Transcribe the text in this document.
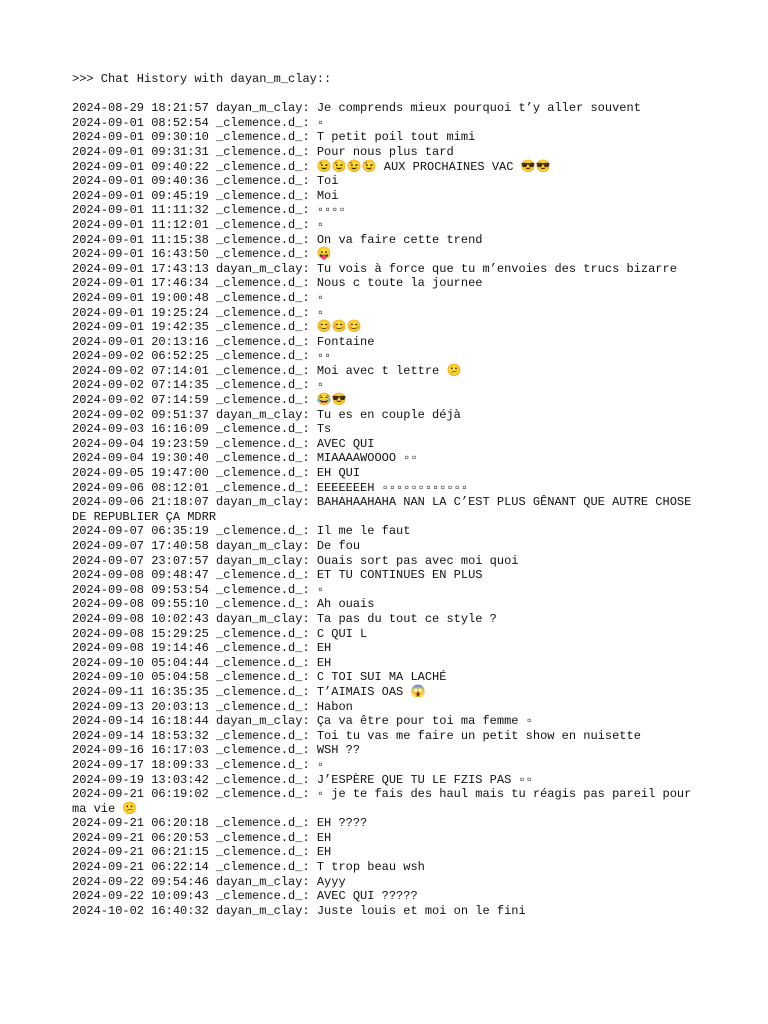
>>> Chat History with dayan_m_clay::
2024-08-29 18:21:57 dayan_m_clay: Je comprends mieux pourquoi t’y aller souvent
2024-09-01 08:52:54 _clemence.d_: ▫
2024-09-01 09:30:10 _clemence.d_: T petit poil tout mimi
2024-09-01 09:31:31 _clemence.d_: Pour nous plus tard
2024-09-01 09:40:22 _clemence.d_: 😉😉😉😉 AUX PROCHAINES VAC 😎😎
2024-09-01 09:40:36 _clemence.d_: Toi
2024-09-01 09:45:19 _clemence.d_: Moi
2024-09-01 11:11:32 _clemence.d_: ▫▫▫▫
2024-09-01 11:12:01 _clemence.d_: ▫
2024-09-01 11:15:38 _clemence.d_: On va faire cette trend
2024-09-01 16:43:50 _clemence.d_: 😛
2024-09-01 17:43:13 dayan_m_clay: Tu vois à force que tu m’envoies des trucs bizarre
2024-09-01 17:46:34 _clemence.d_: Nous c toute la journee
2024-09-01 19:00:48 _clemence.d_: ▫
2024-09-01 19:25:24 _clemence.d_: ▫
2024-09-01 19:42:35 _clemence.d_: 😊😊😊
2024-09-01 20:13:16 _clemence.d_: Fontaine
2024-09-02 06:52:25 _clemence.d_: ▫▫
2024-09-02 07:14:01 _clemence.d_: Moi avec t lettre 😕
2024-09-02 07:14:35 _clemence.d_: ▫
2024-09-02 07:14:59 _clemence.d_: 😂😎
2024-09-02 09:51:37 dayan_m_clay: Tu es en couple déjà
2024-09-03 16:16:09 _clemence.d_: Ts
2024-09-04 19:23:59 _clemence.d_: AVEC QUI
2024-09-04 19:30:40 _clemence.d_: MIAAAAWOOOO ▫▫
2024-09-05 19:47:00 _clemence.d_: EH QUI
2024-09-06 08:12:01 _clemence.d_: EEEEEEEH ▫▫▫▫▫▫▫▫▫▫▫▫
2024-09-06 21:18:07 dayan_m_clay: BAHAHAAHAHA NAN LA C’EST PLUS GÊNANT QUE AUTRE CHOSE DE REPUBLIER ÇA MDRR
2024-09-07 06:35:19 _clemence.d_: Il me le faut
2024-09-07 17:40:58 dayan_m_clay: De fou
2024-09-07 23:07:57 dayan_m_clay: Ouais sort pas avec moi quoi
2024-09-08 09:48:47 _clemence.d_: ET TU CONTINUES EN PLUS
2024-09-08 09:53:54 _clemence.d_: ▫
2024-09-08 09:55:10 _clemence.d_: Ah ouais
2024-09-08 10:02:43 dayan_m_clay: Ta pas du tout ce style ?
2024-09-08 15:29:25 _clemence.d_: C QUI L
2024-09-08 19:14:46 _clemence.d_: EH
2024-09-10 05:04:44 _clemence.d_: EH
2024-09-10 05:04:58 _clemence.d_: C TOI SUI MA LACHÉ
2024-09-11 16:35:35 _clemence.d_: T’AIMAIS OAS 😱
2024-09-13 20:03:13 _clemence.d_: Habon
2024-09-14 16:18:44 dayan_m_clay: Ça va être pour toi ma femme ▫
2024-09-14 18:53:32 _clemence.d_: Toi tu vas me faire un petit show en nuisette
2024-09-16 16:17:03 _clemence.d_: WSH ??
2024-09-17 18:09:33 _clemence.d_: ▫
2024-09-19 13:03:42 _clemence.d_: J’ESPÈRE QUE TU LE FZIS PAS ▫▫
2024-09-21 06:19:02 _clemence.d_: ▫ je te fais des haul mais tu réagis pas pareil pour ma vie 😕
2024-09-21 06:20:18 _clemence.d_: EH ????
2024-09-21 06:20:53 _clemence.d_: EH
2024-09-21 06:21:15 _clemence.d_: EH
2024-09-21 06:22:14 _clemence.d_: T trop beau wsh
2024-09-22 09:54:46 dayan_m_clay: Ayyy
2024-09-22 10:09:43 _clemence.d_: AVEC QUI ?????
2024-10-02 16:40:32 dayan_m_clay: Juste louis et moi on le fini
